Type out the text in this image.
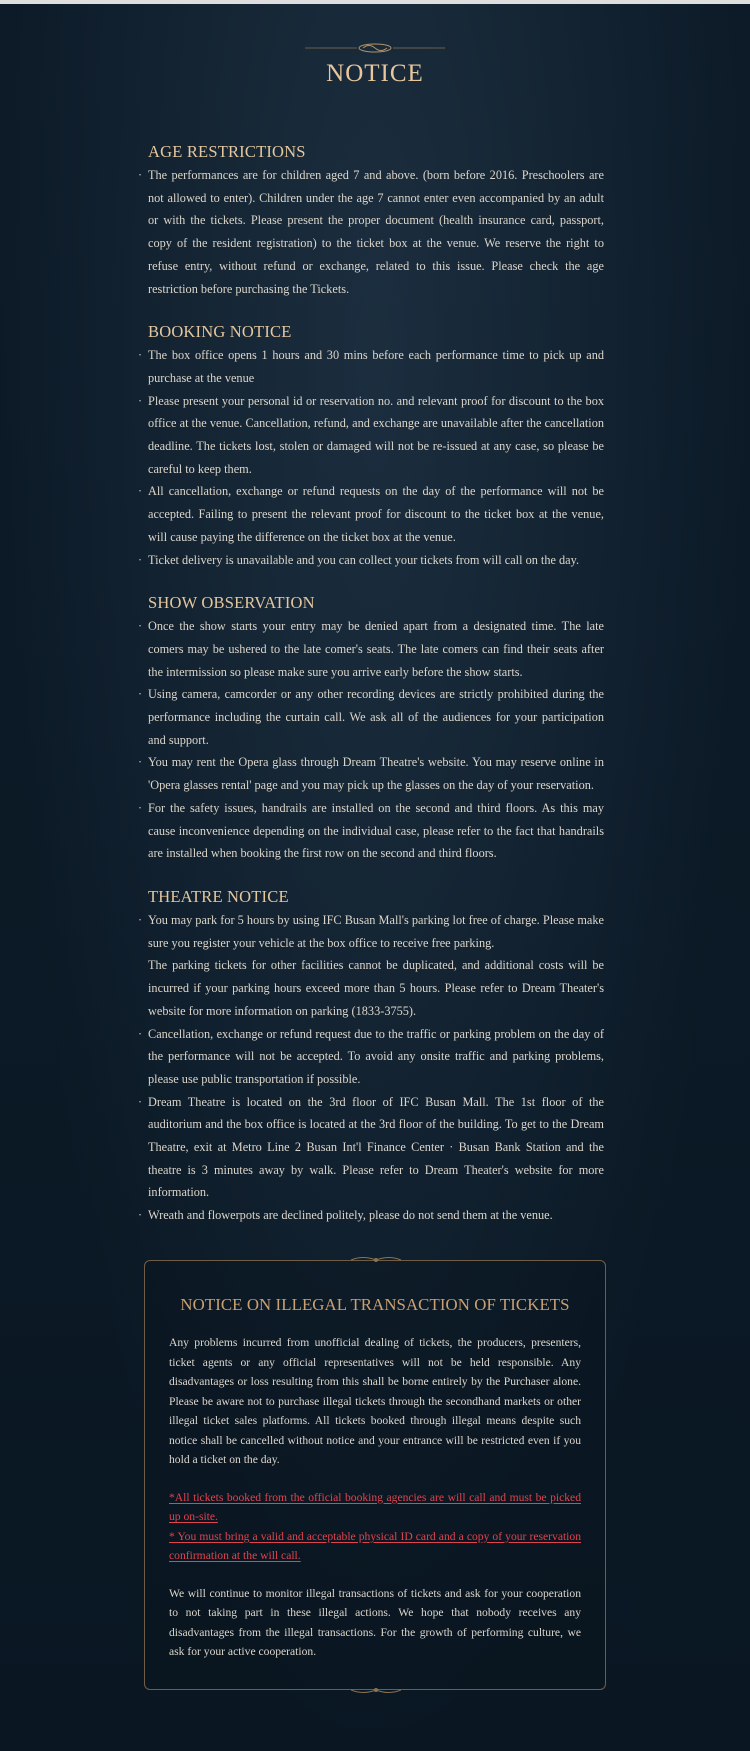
NOTICE
AGE RESTRICTIONS
· The performances are for children aged 7 and above. (born before 2016. Preschoolers are not allowed to enter). Children under the age 7 cannot enter even accompanied by an adult or with the tickets. Please present the proper document (health insurance card, passport, copy of the resident registration) to the ticket box at the venue. We reserve the right to refuse entry, without refund or exchange, related to this issue. Please check the age restriction before purchasing the Tickets.
BOOKING NOTICE
· The box office opens 1 hours and 30 mins before each performance time to pick up and purchase at the venue
· Please present your personal id or reservation no. and relevant proof for discount to the box office at the venue. Cancellation, refund, and exchange are unavailable after the cancellation deadline. The tickets lost, stolen or damaged will not be re-issued at any case, so please be careful to keep them.
· All cancellation, exchange or refund requests on the day of the performance will not be accepted. Failing to present the relevant proof for discount to the ticket box at the venue, will cause paying the difference on the ticket box at the venue.
· Ticket delivery is unavailable and you can collect your tickets from will call on the day.
SHOW OBSERVATION
· Once the show starts your entry may be denied apart from a designated time. The late comers may be ushered to the late comer's seats. The late comers can find their seats after the intermission so please make sure you arrive early before the show starts.
· Using camera, camcorder or any other recording devices are strictly prohibited during the performance including the curtain call. We ask all of the audiences for your participation and support.
· You may rent the Opera glass through Dream Theatre's website. You may reserve online in 'Opera glasses rental' page and you may pick up the glasses on the day of your reservation.
· For the safety issues, handrails are installed on the second and third floors. As this may cause inconvenience depending on the individual case, please refer to the fact that handrails are installed when booking the first row on the second and third floors.
THEATRE NOTICE
· You may park for 5 hours by using IFC Busan Mall's parking lot free of charge. Please make sure you register your vehicle at the box office to receive free parking.
The parking tickets for other facilities cannot be duplicated, and additional costs will be incurred if your parking hours exceed more than 5 hours. Please refer to Dream Theater's website for more information on parking (1833-3755).
· Cancellation, exchange or refund request due to the traffic or parking problem on the day of the performance will not be accepted. To avoid any onsite traffic and parking problems, please use public transportation if possible.
· Dream Theatre is located on the 3rd floor of IFC Busan Mall. The 1st floor of the auditorium and the box office is located at the 3rd floor of the building. To get to the Dream Theatre, exit at Metro Line 2 Busan Int'l Finance Center · Busan Bank Station and the theatre is 3 minutes away by walk. Please refer to Dream Theater's website for more information.
· Wreath and flowerpots are declined politely, please do not send them at the venue.
NOTICE ON ILLEGAL TRANSACTION OF TICKETS

Any problems incurred from unofficial dealing of tickets, the producers, presenters, ticket agents or any official representatives will not be held responsible. Any disadvantages or loss resulting from this shall be borne entirely by the Purchaser alone. Please be aware not to purchase illegal tickets through the secondhand markets or other illegal ticket sales platforms. All tickets booked through illegal means despite such notice shall be cancelled without notice and your entrance will be restricted even if you hold a ticket on the day.

*All tickets booked from the official booking agencies are will call and must be picked up on-site.

* You must bring a valid and acceptable physical ID card and a copy of your reservation confirmation at the will call.

We will continue to monitor illegal transactions of tickets and ask for your cooperation to not taking part in these illegal actions. We hope that nobody receives any disadvantages from the illegal transactions. For the growth of performing culture, we ask for your active cooperation.
